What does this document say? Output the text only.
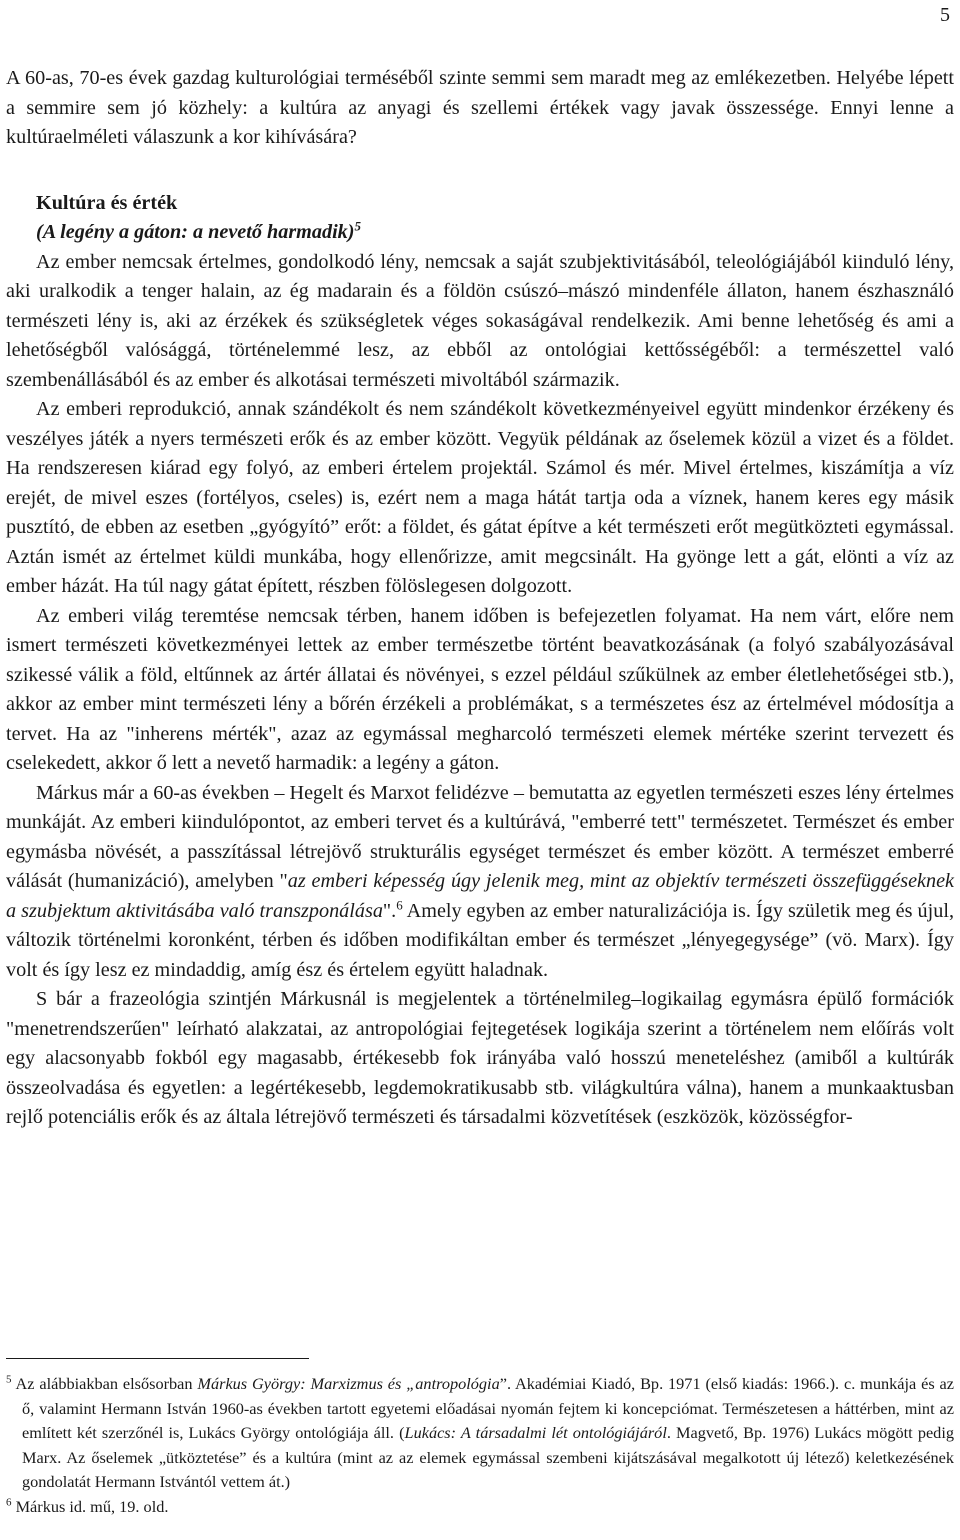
5

A 60-as, 70-es évek gazdag kulturológiai terméséből szinte semmi sem maradt meg az emlékezetben. Helyébe lépett a semmire sem jó közhely: a kultúra az anyagi és szellemi értékek vagy javak összessége. Ennyi lenne a kultúraelméleti válaszunk a kor kihívására?

Kultúra és érték

(A legény a gáton: a nevető harmadik)$^5$

Az ember nemcsak értelmes, gondolkodó lény, nemcsak a saját szubjektivitásából, teleológiájából kiinduló lény, aki uralkodik a tenger halain, az ég madarain és a földön csúszó–mászó mindenféle állaton, hanem észhasználó természeti lény is, aki az érzékek és szükségletek véges sokaságával rendelkezik. Ami benne lehetőség és ami a lehetőségből valósággá, történelemmé lesz, az ebből az ontológiai kettősségéből: a természettel való szembenállásából és az ember és alkotásai természeti mivoltából származik.

Az emberi reprodukció, annak szándékolt és nem szándékolt következményeivel együtt mindenkor érzékeny és veszélyes játék a nyers természeti erők és az ember között. Vegyük példának az őselemek közül a vizet és a földet. Ha rendszeresen kiárad egy folyó, az emberi értelem projektál. Számol és mér. Mivel értelmes, kiszámítja a víz erejét, de mivel eszes (fortélyos, cseles) is, ezért nem a maga hátát tartja oda a víznek, hanem keres egy másik pusztító, de ebben az esetben „gyógyító” erőt: a földet, és gátat építve a két természeti erőt megütközteti egymással. Aztán ismét az értelmet küldi munkába, hogy ellenőrizze, amit megcsinált. Ha gyönge lett a gát, elönti a víz az ember házát. Ha túl nagy gátat épített, részben fölöslegesen dolgozott.

Az emberi világ teremtése nemcsak térben, hanem időben is befejezetlen folyamat. Ha nem várt, előre nem ismert természeti következményei lettek az ember természetbe történt beavatkozásának (a folyó szabályozásával szikessé válik a föld, eltűnnek az ártér állatai és növényei, s ezzel például szűkülnek az ember életlehetőségei stb.), akkor az ember mint természeti lény a bőrén érzékeli a problémákat, s a természetes ész az értelmével módosítja a tervet. Ha az "inherens mérték", azaz az egymással megharcoló természeti elemek mértéke szerint tervezett és cselekedett, akkor ő lett a nevető harmadik: a legény a gáton.

Márkus már a 60-as években – Hegelt és Marxot felidézve – bemutatta az egyetlen természeti eszes lény értelmes munkáját. Az emberi kiindulópontot, az emberi tervet és a kultúrává, "emberré tett" természetet. Természet és ember egymásba növését, a passzítással létrejövő strukturális egységet természet és ember között. A természet emberré válását (humanizáció), amelyben "az emberi képesség úgy jelenik meg, mint az objektív természeti összefüggéseknek a szubjektum aktivitásába való transzponálása".$^6$ Amely egyben az ember naturalizációja is. Így születik meg és újul, változik történelmi koronként, térben és időben modifikáltan ember és természet „lényegegysége” (vö. Marx). Így volt és így lesz ez mindaddig, amíg ész és értelem együtt haladnak.

S bár a frazeológia szintjén Márkusnál is megjelentek a történelmileg–logikailag egymásra épülő formációk "menetrendszerűen" leírható alakzatai, az antropológiai fejtegetések logikája szerint a történelem nem előírás volt egy alacsonyabb fokból egy magasabb, értékesebb fok irányába való hosszú meneteléshez (amiből a kultúrák összeolvadása és egyetlen: a legértékesebb, legdemokratikusabb stb. világkultúra válna), hanem a munkaaktusban rejlő potenciális erők és az általa létrejövő természeti és társadalmi közvetítések (eszközök, közösségfor-

$^5$ Az alábbiakban elsősorban Márkus György: Marxizmus és „antropológia”. Akadémiai Kiadó, Bp. 1971 (első kiadás: 1966.). c. munkája és az ő, valamint Hermann István 1960-as években tartott egyetemi előadásai nyomán fejtem ki koncepciómat. Természetesen a háttérben, mint az említett két szerzőnél is, Lukács György ontológiája áll. (Lukács: A társadalmi lét ontológiájáról. Magvető, Bp. 1976) Lukács mögött pedig Marx. Az őselemek „ütköztetése” és a kultúra (mint az az elemek egymással szembeni kijátszásával megalkotott új létező) keletkezésének gondolatát Hermann Istvántól vettem át.)

$^6$ Márkus id. mű, 19. old.
